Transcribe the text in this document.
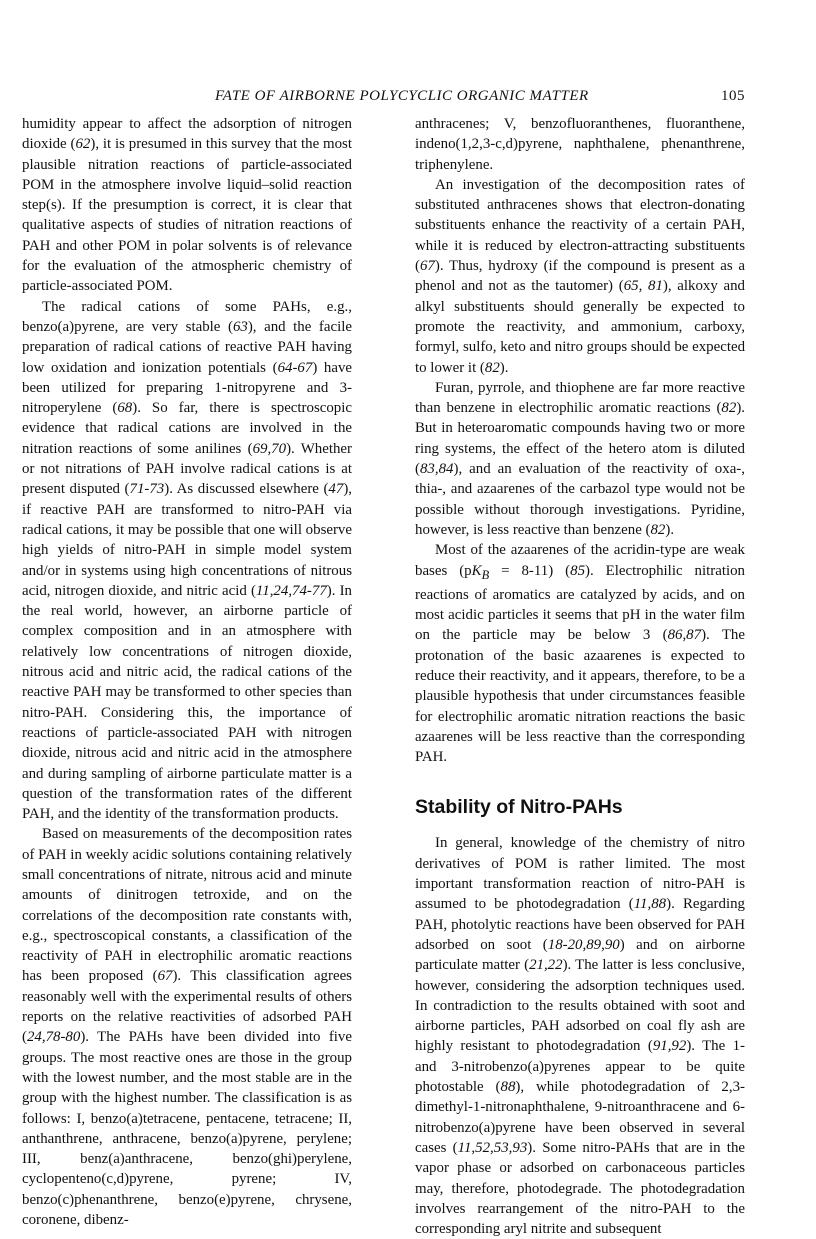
FATE OF AIRBORNE POLYCYCLIC ORGANIC MATTER	105

humidity appear to affect the adsorption of nitrogen dioxide (62), it is presumed in this survey that the most plausible nitration reactions of particle-associated POM in the atmosphere involve liquid–solid reaction step(s). If the presumption is correct, it is clear that qualitative aspects of studies of nitration reactions of PAH and other POM in polar solvents is of relevance for the evaluation of the atmospheric chemistry of particle-associated POM.

The radical cations of some PAHs, e.g., benzo(a)pyrene, are very stable (63), and the facile preparation of radical cations of reactive PAH having low oxidation and ionization potentials (64-67) have been utilized for preparing 1-nitropyrene and 3-nitroperylene (68). So far, there is spectroscopic evidence that radical cations are involved in the nitration reactions of some anilines (69,70). Whether or not nitrations of PAH involve radical cations is at present disputed (71-73). As discussed elsewhere (47), if reactive PAH are transformed to nitro-PAH via radical cations, it may be possible that one will observe high yields of nitro-PAH in simple model system and/or in systems using high concentrations of nitrous acid, nitrogen dioxide, and nitric acid (11,24,74-77). In the real world, however, an airborne particle of complex composition and in an atmosphere with relatively low concentrations of nitrogen dioxide, nitrous acid and nitric acid, the radical cations of the reactive PAH may be transformed to other species than nitro-PAH. Considering this, the importance of reactions of particle-associated PAH with nitrogen dioxide, nitrous acid and nitric acid in the atmosphere and during sampling of airborne particulate matter is a question of the transformation rates of the different PAH, and the identity of the transformation products.

Based on measurements of the decomposition rates of PAH in weekly acidic solutions containing relatively small concentrations of nitrate, nitrous acid and minute amounts of dinitrogen tetroxide, and on the correlations of the decomposition rate constants with, e.g., spectroscopical constants, a classification of the reactivity of PAH in electrophilic aromatic reactions has been proposed (67). This classification agrees reasonably well with the experimental results of others reports on the relative reactivities of adsorbed PAH (24,78-80). The PAHs have been divided into five groups. The most reactive ones are those in the group with the lowest number, and the most stable are in the group with the highest number. The classification is as follows: I, benzo(a)tetracene, pentacene, tetracene; II, anthanthrene, anthracene, benzo(a)pyrene, perylene; III, benz(a)anthracene, benzo(ghi)perylene, cyclopenteno(c,d)pyrene, pyrene; IV, benzo(c)phenanthrene, benzo(e)pyrene, chrysene, coronene, dibenz-

anthracenes; V, benzofluoranthenes, fluoranthene, indeno(1,2,3-c,d)pyrene, naphthalene, phenanthrene, triphenylene.

An investigation of the decomposition rates of substituted anthracenes shows that electron-donating substituents enhance the reactivity of a certain PAH, while it is reduced by electron-attracting substituents (67). Thus, hydroxy (if the compound is present as a phenol and not as the tautomer) (65, 81), alkoxy and alkyl substituents should generally be expected to promote the reactivity, and ammonium, carboxy, formyl, sulfo, keto and nitro groups should be expected to lower it (82).

Furan, pyrrole, and thiophene are far more reactive than benzene in electrophilic aromatic reactions (82). But in heteroaromatic compounds having two or more ring systems, the effect of the hetero atom is diluted (83,84), and an evaluation of the reactivity of oxa-, thia-, and azaarenes of the carbazol type would not be possible without thorough investigations. Pyridine, however, is less reactive than benzene (82).

Most of the azaarenes of the acridin-type are weak bases $(pK_B = 8-11)$ (85). Electrophilic nitration reactions of aromatics are catalyzed by acids, and on most acidic particles it seems that pH in the water film on the particle may be below 3 (86,87). The protonation of the basic azaarenes is expected to reduce their reactivity, and it appears, therefore, to be a plausible hypothesis that under circumstances feasible for electrophilic aromatic nitration reactions the basic azaarenes will be less reactive than the corresponding PAH.

Stability of Nitro-PAHs

In general, knowledge of the chemistry of nitro derivatives of POM is rather limited. The most important transformation reaction of nitro-PAH is assumed to be photodegradation (11,88). Regarding PAH, photolytic reactions have been observed for PAH adsorbed on soot (18-20,89,90) and on airborne particulate matter (21,22). The latter is less conclusive, however, considering the adsorption techniques used. In contradiction to the results obtained with soot and airborne particles, PAH adsorbed on coal fly ash are highly resistant to photodegradation (91,92). The 1- and 3-nitrobenzo(a)pyrenes appear to be quite photostable (88), while photodegradation of 2,3-dimethyl-1-nitronaphthalene, 9-nitroanthracene and 6-nitrobenzo(a)pyrene have been observed in several cases (11,52,53,93). Some nitro-PAHs that are in the vapor phase or adsorbed on carbonaceous particles may, therefore, photodegrade. The photodegradation involves rearrangement of the nitro-PAH to the corresponding aryl nitrite and subsequent
